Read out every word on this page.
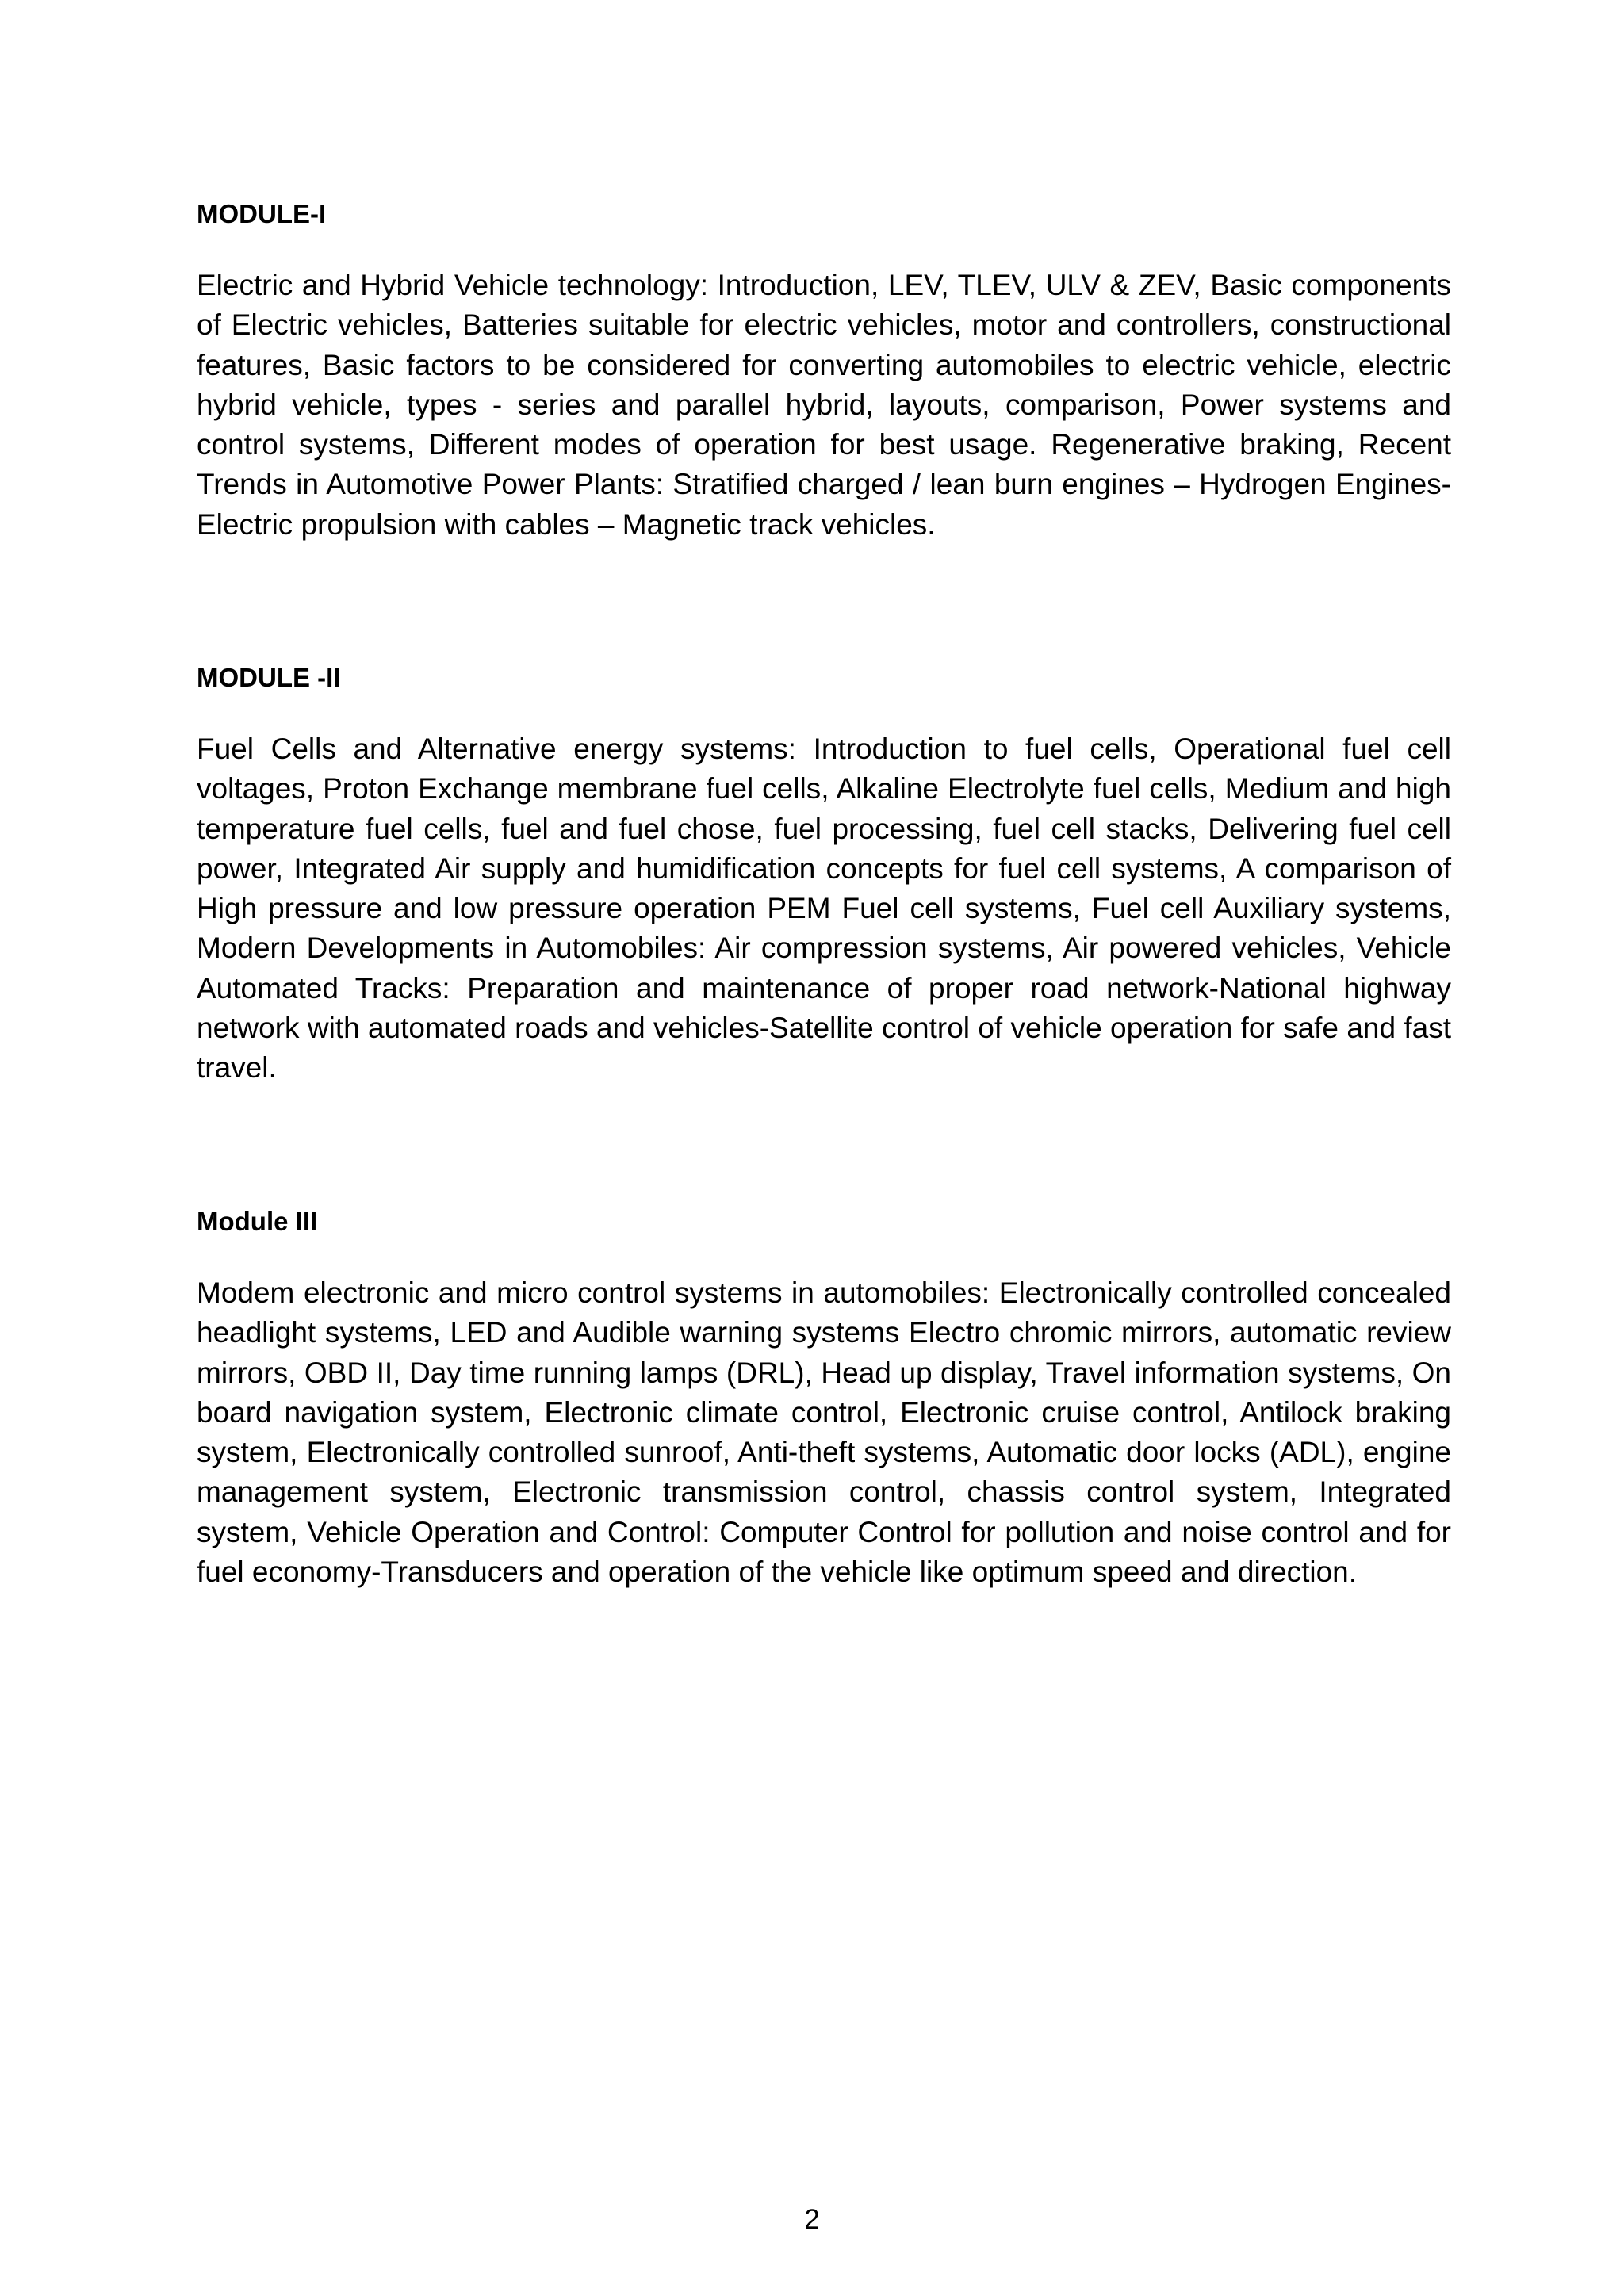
MODULE-I

Electric and Hybrid Vehicle technology: Introduction, LEV, TLEV, ULV & ZEV, Basic components of Electric vehicles, Batteries suitable for electric vehicles, motor and controllers, constructional features, Basic factors to be considered for converting automobiles to electric vehicle, electric hybrid vehicle, types - series and parallel hybrid, layouts, comparison, Power systems and control systems, Different modes of operation for best usage. Regenerative braking, Recent Trends in Automotive Power Plants: Stratified charged / lean burn engines – Hydrogen Engines- Electric propulsion with cables – Magnetic track vehicles.

MODULE -II

Fuel Cells and Alternative energy systems: Introduction to fuel cells, Operational fuel cell voltages, Proton Exchange membrane fuel cells, Alkaline Electrolyte fuel cells, Medium and high temperature fuel cells, fuel and fuel chose, fuel processing, fuel cell stacks, Delivering fuel cell power, Integrated Air supply and humidification concepts for fuel cell systems, A comparison of High pressure and low pressure operation PEM Fuel cell systems, Fuel cell Auxiliary systems, Modern Developments in Automobiles: Air compression systems, Air powered vehicles, Vehicle Automated Tracks: Preparation and maintenance of proper road network-National highway network with automated roads and vehicles-Satellite control of vehicle operation for safe and fast travel.

Module III

Modem electronic and micro control systems in automobiles: Electronically controlled concealed headlight systems, LED and Audible warning systems Electro chromic mirrors, automatic review mirrors, OBD II, Day time running lamps (DRL), Head up display, Travel information systems, On board navigation system, Electronic climate control, Electronic cruise control, Antilock braking system, Electronically controlled sunroof, Anti-theft systems, Automatic door locks (ADL), engine management system, Electronic transmission control, chassis control system, Integrated system, Vehicle Operation and Control: Computer Control for pollution and noise control and for fuel economy-Transducers and operation of the vehicle like optimum speed and direction.

2
